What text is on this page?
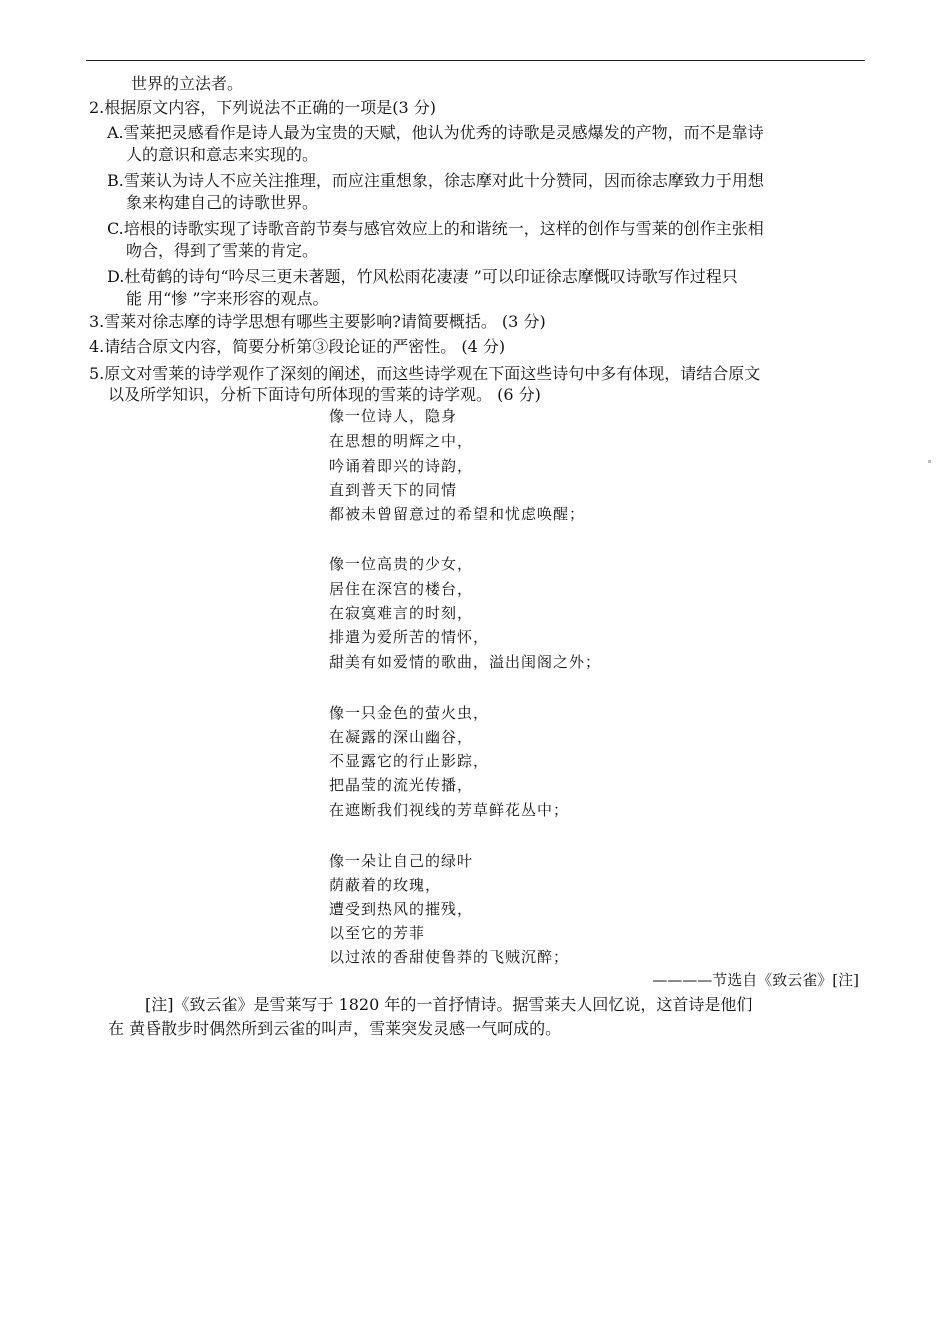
世界的立法者。
2.根据原文内容，下列说法不正确的一项是(3 分)
A.雪莱把灵感看作是诗人最为宝贵的天赋，他认为优秀的诗歌是灵感爆发的产物，而不是靠诗
人的意识和意志来实现的。
B.雪莱认为诗人不应关注推理，而应注重想象，徐志摩对此十分赞同，因而徐志摩致力于用想
象来构建自己的诗歌世界。
C.培根的诗歌实现了诗歌音韵节奏与感官效应上的和谐统一，这样的创作与雪莱的创作主张相
吻合，得到了雪莱的肯定。
D.杜荀鹤的诗句“吟尽三更未著题，竹风松雨花凄凄 ”可以印证徐志摩慨叹诗歌写作过程只
能 用“惨 ”字来形容的观点。
3.雪莱对徐志摩的诗学思想有哪些主要影响?请简要概括。 (3 分)
4.请结合原文内容，简要分析第③段论证的严密性。 (4 分)
5.原文对雪莱的诗学观作了深刻的阐述，而这些诗学观在下面这些诗句中多有体现，请结合原文
以及所学知识，分析下面诗句所体现的雪莱的诗学观。 (6 分)
像一位诗人，隐身
在思想的明辉之中，
吟诵着即兴的诗韵，
直到普天下的同情
都被未曾留意过的希望和忧虑唤醒；
像一位高贵的少女，
居住在深宫的楼台，
在寂寞难言的时刻，
排遣为爱所苦的情怀，
甜美有如爱情的歌曲，溢出闺阁之外；
像一只金色的萤火虫，
在凝露的深山幽谷，
不显露它的行止影踪，
把晶莹的流光传播，
在遮断我们视线的芳草鲜花丛中；
像一朵让自己的绿叶
荫蔽着的玫瑰，
遭受到热风的摧残，
以至它的芳菲
以过浓的香甜使鲁莽的飞贼沉醉；
————节选自《致云雀》[注]
[注]《致云雀》是雪莱写于 1820 年的一首抒情诗。据雪莱夫人回忆说，这首诗是他们
在 黄昏散步时偶然所到云雀的叫声，雪莱突发灵感一气呵成的。
